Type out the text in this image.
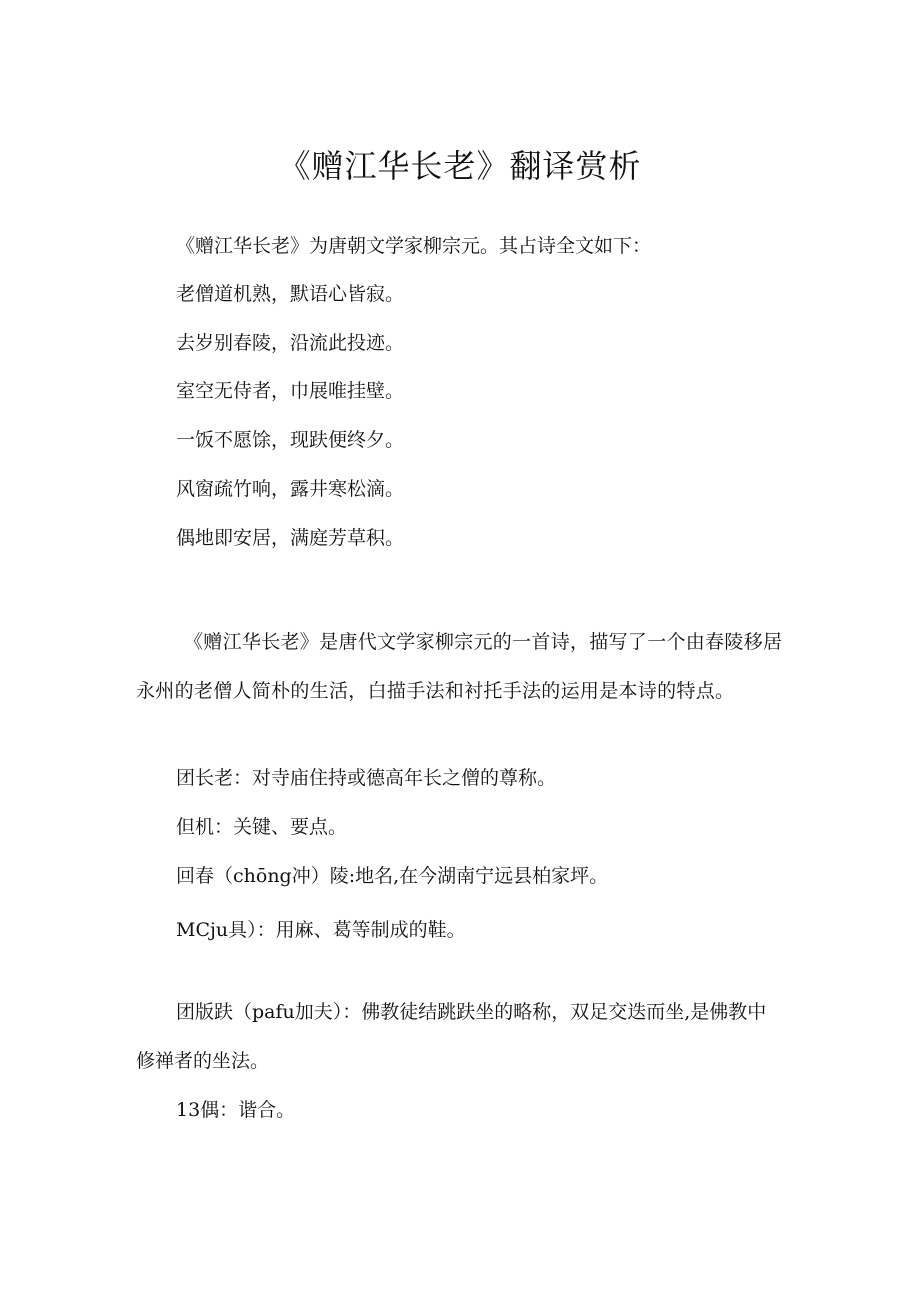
《赠江华长老》翻译赏析

《赠江华长老》为唐朝文学家柳宗元。其占诗全文如下：

老僧道机熟，默语心皆寂。

去岁别春陵，沿流此投迹。

室空无侍者，巾展唯挂壁。

一饭不愿馀，现趺便终夕。

风窗疏竹响，露井寒松滴。

偶地即安居，满庭芳草积。

《赠江华长老》是唐代文学家柳宗元的一首诗，描写了一个由春陵移居永州的老僧人简朴的生活，白描手法和衬托手法的运用是本诗的特点。

团长老：对寺庙住持或德高年长之僧的尊称。

但机：关键、要点。

回春（chōng冲）陵:地名,在今湖南宁远县柏家坪。

MCju具）：用麻、葛等制成的鞋。

团版趺（pafu加夫）：佛教徒结跳趺坐的略称，双足交迭而坐,是佛教中修禅者的坐法。

13偶：谐合。
